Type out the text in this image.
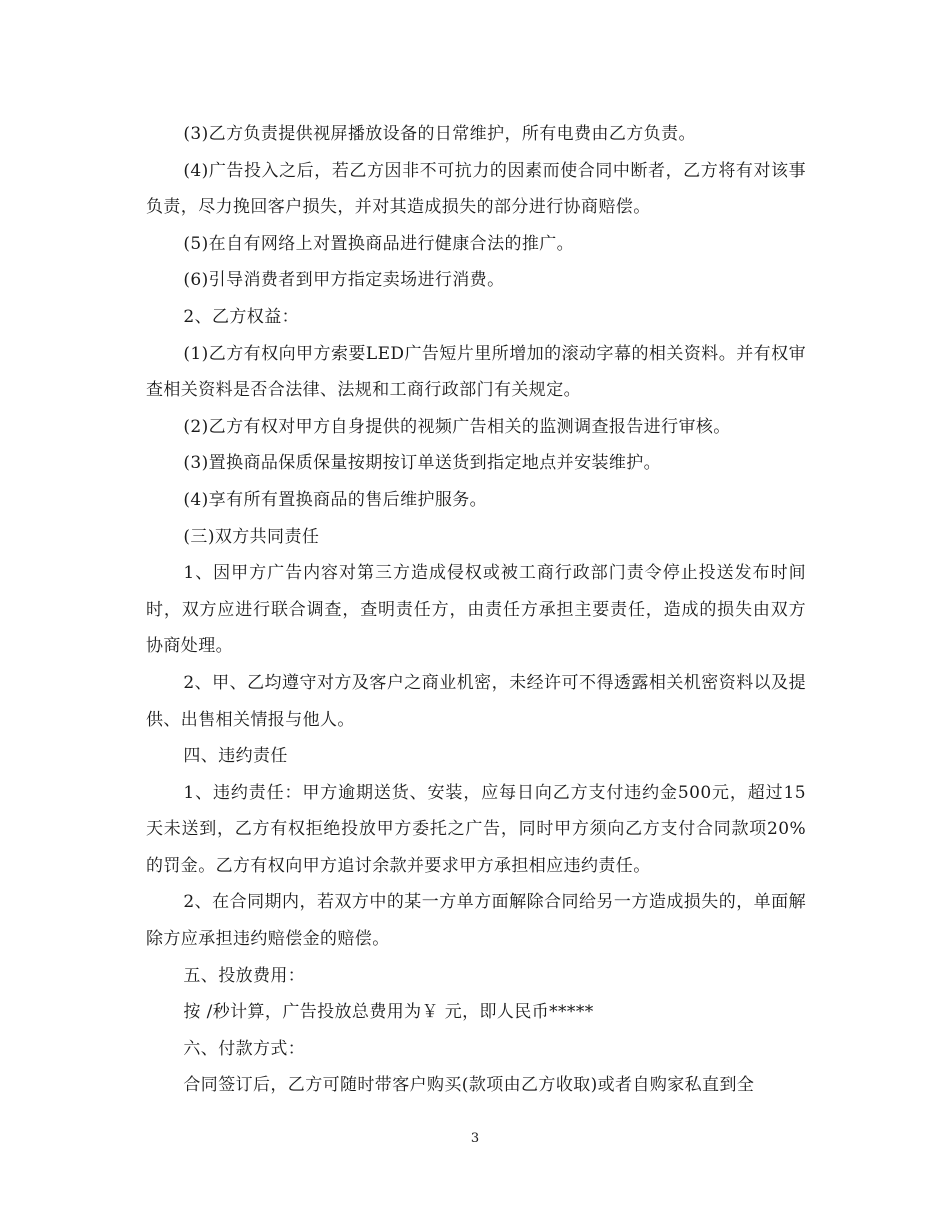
(3)乙方负责提供视屏播放设备的日常维护，所有电费由乙方负责。

(4)广告投入之后，若乙方因非不可抗力的因素而使合同中断者，乙方将有对该事负责，尽力挽回客户损失，并对其造成损失的部分进行协商赔偿。

(5)在自有网络上对置换商品进行健康合法的推广。

(6)引导消费者到甲方指定卖场进行消费。

2、乙方权益：

(1)乙方有权向甲方索要LED广告短片里所增加的滚动字幕的相关资料。并有权审查相关资料是否合法律、法规和工商行政部门有关规定。

(2)乙方有权对甲方自身提供的视频广告相关的监测调查报告进行审核。

(3)置换商品保质保量按期按订单送货到指定地点并安装维护。

(4)享有所有置换商品的售后维护服务。

(三)双方共同责任

1、因甲方广告内容对第三方造成侵权或被工商行政部门责令停止投送发布时间时，双方应进行联合调查，查明责任方，由责任方承担主要责任，造成的损失由双方协商处理。

2、甲、乙均遵守对方及客户之商业机密，未经许可不得透露相关机密资料以及提供、出售相关情报与他人。

四、违约责任

1、违约责任：甲方逾期送货、安装，应每日向乙方支付违约金500元，超过15天未送到，乙方有权拒绝投放甲方委托之广告，同时甲方须向乙方支付合同款项20%的罚金。乙方有权向甲方追讨余款并要求甲方承担相应违约责任。

2、在合同期内，若双方中的某一方单方面解除合同给另一方造成损失的，单面解除方应承担违约赔偿金的赔偿。

五、投放费用：

按 /秒计算，广告投放总费用为￥ 元，即人民币*****

六、付款方式：

合同签订后，乙方可随时带客户购买(款项由乙方收取)或者自购家私直到全

3
